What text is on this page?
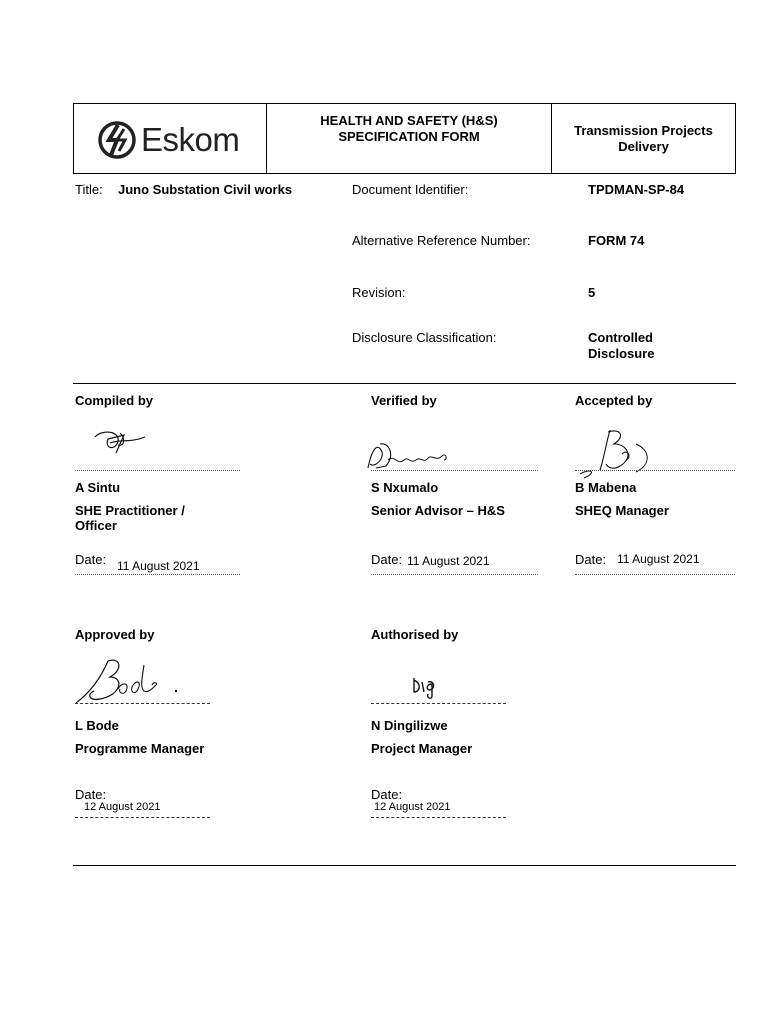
Eskom
HEALTH AND SAFETY (H&S)
SPECIFICATION FORM	Transmission Projects
Delivery
Title: Juno Substation Civil works	Document Identifier:	TPDMAN-SP-84
Alternative Reference Number:	FORM 74
Revision:	5
Disclosure Classification:	Controlled
Disclosure
Compiled by
A Sintu
SHE Practitioner /
Officer
Date: 11 August 2021
Verified by
S Nxumalo
Senior Advisor – H&S
Date: 11 August 2021
Accepted by
B Mabena
SHEQ Manager
Date: 11 August 2021
Approved by
L Bode
Programme Manager
Date:
12 August 2021
Authorised by
N Dingilizwe
Project Manager
Date:
12 August 2021
